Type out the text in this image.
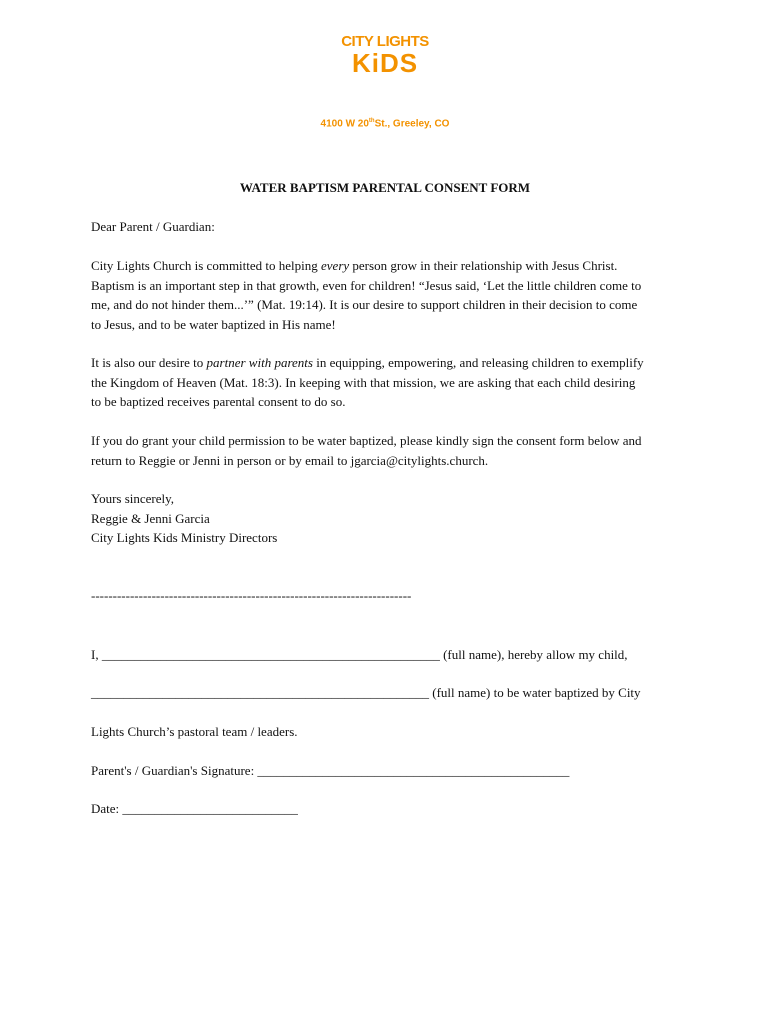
CITY LIGHTS
KiDS
4100 W 20thSt., Greeley, CO
WATER BAPTISM PARENTAL CONSENT FORM
Dear Parent / Guardian:
City Lights Church is committed to helping every person grow in their relationship with Jesus Christ.
Baptism is an important step in that growth, even for children! “Jesus said, ‘Let the little children come to
me, and do not hinder them...’” (Mat. 19:14). It is our desire to support children in their decision to come
to Jesus, and to be water baptized in His name!
It is also our desire to partner with parents in equipping, empowering, and releasing children to exemplify
the Kingdom of Heaven (Mat. 18:3). In keeping with that mission, we are asking that each child desiring
to be baptized receives parental consent to do so.
If you do grant your child permission to be water baptized, please kindly sign the consent form below and
return to Reggie or Jenni in person or by email to jgarcia@citylights.church.
Yours sincerely,
Reggie & Jenni Garcia
City Lights Kids Ministry Directors
--------------------------------------------------------------------------
I, ____________________________________________________ (full name), hereby allow my child,
____________________________________________________ (full name) to be water baptized by City
Lights Church’s pastoral team / leaders.
Parent's / Guardian's Signature: ________________________________________________
Date: ___________________________
